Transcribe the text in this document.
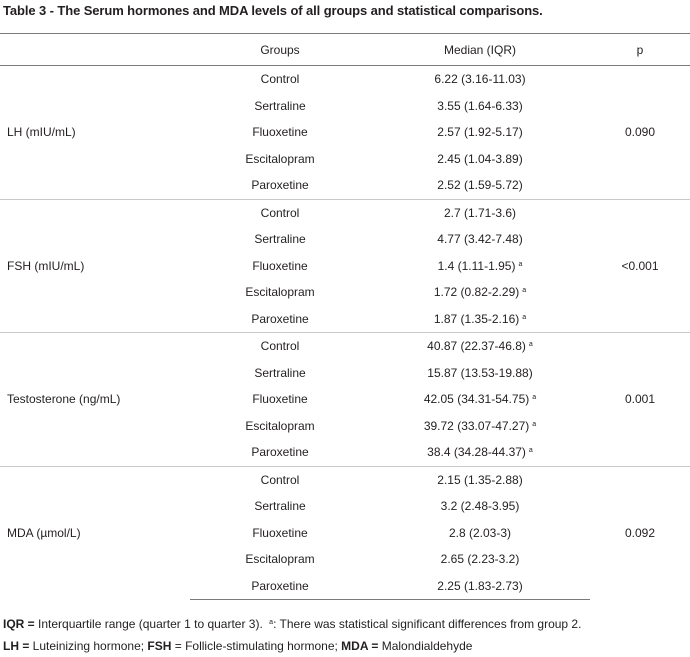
Table 3 - The Serum hormones and MDA levels of all groups and statistical comparisons.
	Groups	Median (IQR)	p
LH (mIU/mL)	Control	6.22 (3.16-11.03)	0.090
	Sertraline	3.55 (1.64-6.33)	
	Fluoxetine	2.57 (1.92-5.17)	
	Escitalopram	2.45 (1.04-3.89)	
	Paroxetine	2.52 (1.59-5.72)	
FSH (mIU/mL)	Control	2.7 (1.71-3.6)	<0.001
	Sertraline	4.77 (3.42-7.48)	
	Fluoxetine	1.4 (1.11-1.95) $^a$
	Escitalopram	1.72 (0.82-2.29) $^a$
	Paroxetine	1.87 (1.35-2.16) $^a$
Testosterone (ng/mL)	Control	40.87 (22.37-46.8) $^a$	0.001
	Sertraline	15.87 (13.53-19.88)	
	Fluoxetine	42.05 (34.31-54.75) $^a$
	Escitalopram	39.72 (33.07-47.27) $^a$
	Paroxetine	38.4 (34.28-44.37) $^a$
MDA (µmol/L)	Control	2.15 (1.35-2.88)	0.092
	Sertraline	3.2 (2.48-3.95)	
	Fluoxetine	2.8 (2.03-3)	
	Escitalopram	2.65 (2.23-3.2)	
	Paroxetine	2.25 (1.83-2.73)	
IQR = Interquartile range (quarter 1 to quarter 3). $^a$: There was statistical significant differences from group 2.
LH = Luteinizing hormone; FSH = Follicle-stimulating hormone; MDA = Malondialdehyde
